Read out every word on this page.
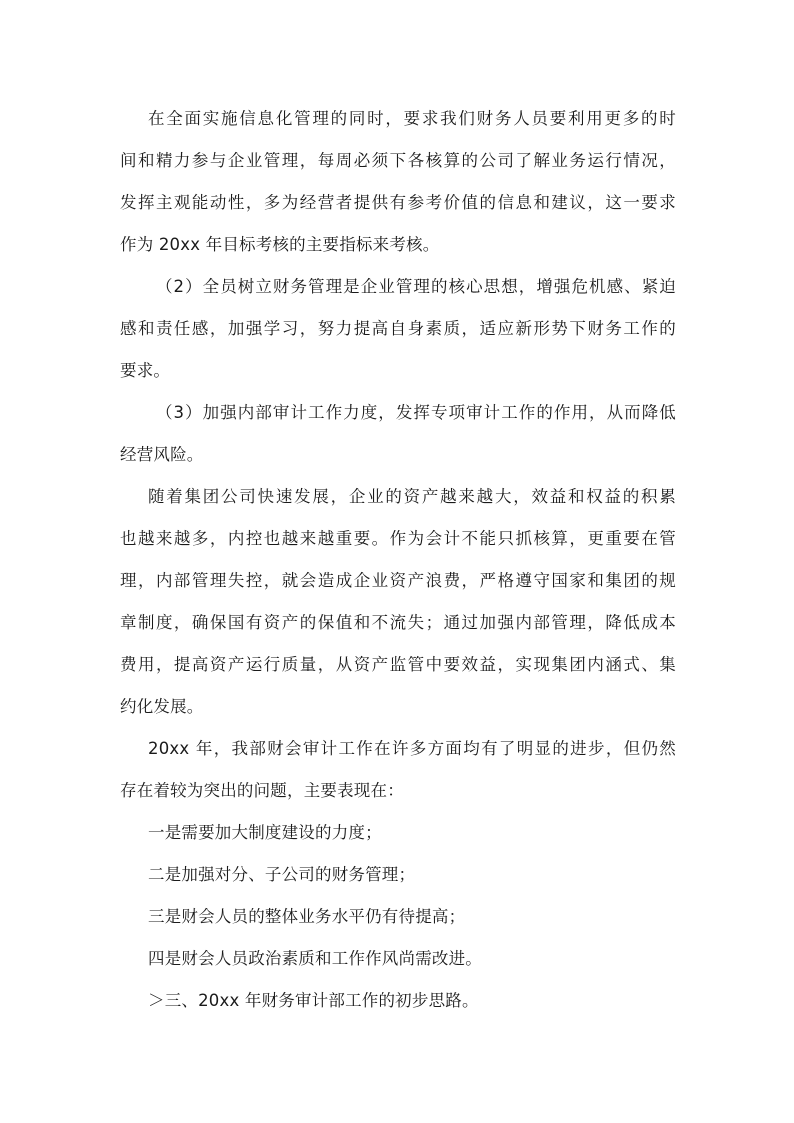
在全面实施信息化管理的同时，要求我们财务人员要利用更多的时
间和精力参与企业管理，每周必须下各核算的公司了解业务运行情况，
发挥主观能动性，多为经营者提供有参考价值的信息和建议，这一要求
作为 20xx 年目标考核的主要指标来考核。
（2）全员树立财务管理是企业管理的核心思想，增强危机感、紧迫
感和责任感，加强学习，努力提高自身素质，适应新形势下财务工作的
要求。
（3）加强内部审计工作力度，发挥专项审计工作的作用，从而降低
经营风险。
随着集团公司快速发展，企业的资产越来越大，效益和权益的积累
也越来越多，内控也越来越重要。作为会计不能只抓核算，更重要在管
理，内部管理失控，就会造成企业资产浪费，严格遵守国家和集团的规
章制度，确保国有资产的保值和不流失；通过加强内部管理，降低成本
费用，提高资产运行质量，从资产监管中要效益，实现集团内涵式、集
约化发展。
20xx 年，我部财会审计工作在许多方面均有了明显的进步，但仍然
存在着较为突出的问题，主要表现在：
一是需要加大制度建设的力度；
二是加强对分、子公司的财务管理；
三是财会人员的整体业务水平仍有待提高；
四是财会人员政治素质和工作作风尚需改进。
＞三、20xx 年财务审计部工作的初步思路。
